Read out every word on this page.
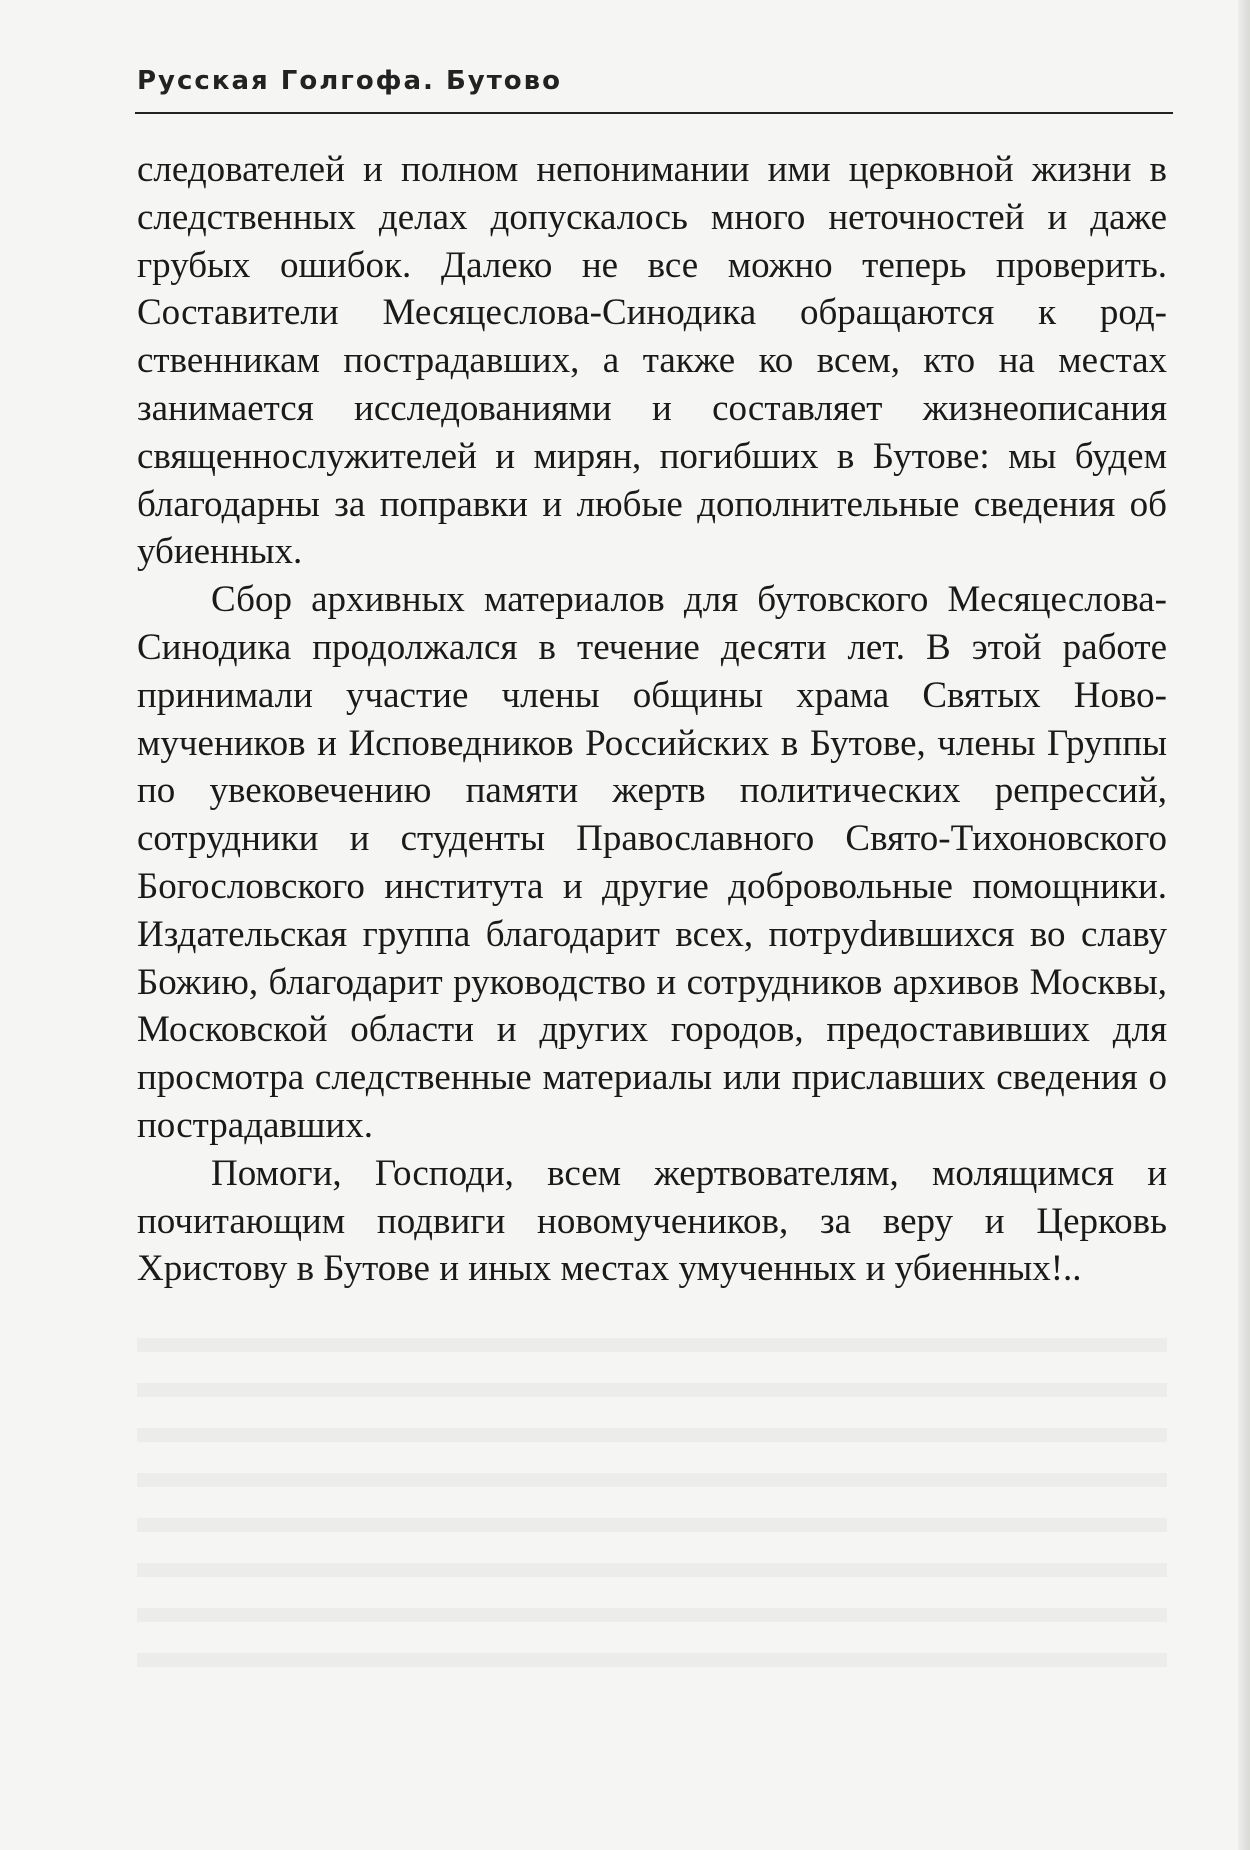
Русская Голгофа. Бутово

следователей и полном непонимании ими церковной жизни в следственных делах допускалось много неточностей и даже грубых ошибок. Далеко не все можно теперь проверить. Составители Месяцеслова-Синодика обращаются к родственникам пострадавших, а также ко всем, кто на местах занимается исследованиями и составляет жизнеописания священнослужителей и мирян, погибших в Бутове: мы будем благодарны за поправки и любые дополнительные сведения об убиенных.

Сбор архивных материалов для бутовского Месяцеслова-Синодика продолжался в течение десяти лет. В этой работе принимали участие члены общины храма Святых Новомучеников и Исповедников Российских в Бутове, члены Группы по увековечению памяти жертв политических репрессий, сотрудники и студенты Православного Свято-Тихоновского Богословского института и другие добровольные помощники. Издательская группа благодарит всех, потруdившихся во славу Божию, благодарит руководство и сотрудников архивов Москвы, Московской области и других городов, предоставивших для просмотра следственные материалы или приславших сведения о пострадавших.

Помоги, Господи, всем жертвователям, молящимся и почитающим подвиги новомучеников, за веру и Церковь Христову в Бутове и иных местах умученных и убиенных!..
